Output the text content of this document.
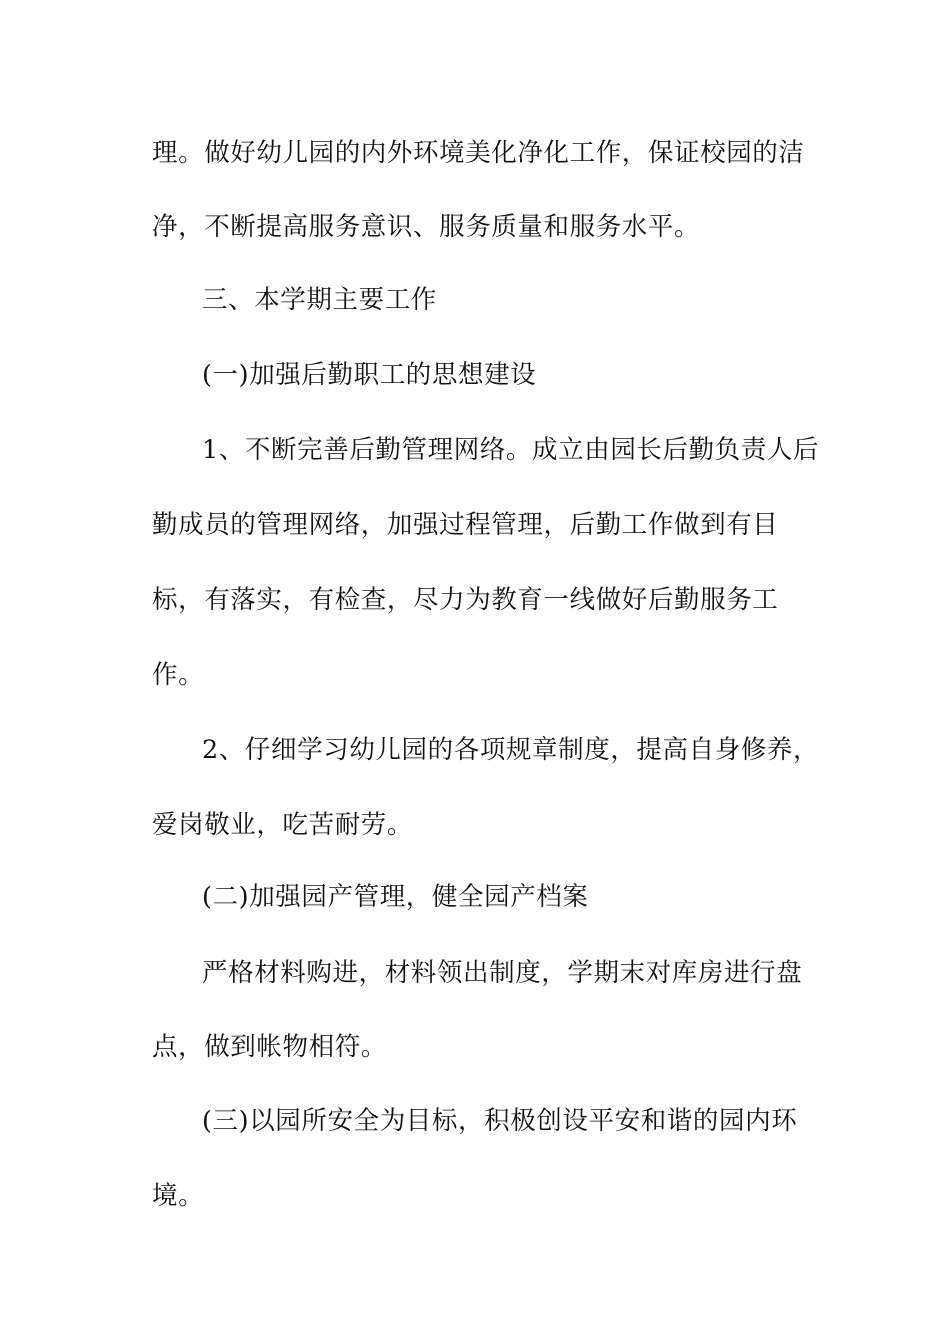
理。做好幼儿园的内外环境美化净化工作，保证校园的洁
净，不断提高服务意识、服务质量和服务水平。
三、本学期主要工作
(一)加强后勤职工的思想建设
1、不断完善后勤管理网络。成立由园长后勤负责人后
勤成员的管理网络，加强过程管理，后勤工作做到有目
标，有落实，有检查，尽力为教育一线做好后勤服务工
作。
2、仔细学习幼儿园的各项规章制度，提高自身修养，
爱岗敬业，吃苦耐劳。
(二)加强园产管理，健全园产档案
严格材料购进，材料领出制度，学期末对库房进行盘
点，做到帐物相符。
(三)以园所安全为目标，积极创设平安和谐的园内环
境。
